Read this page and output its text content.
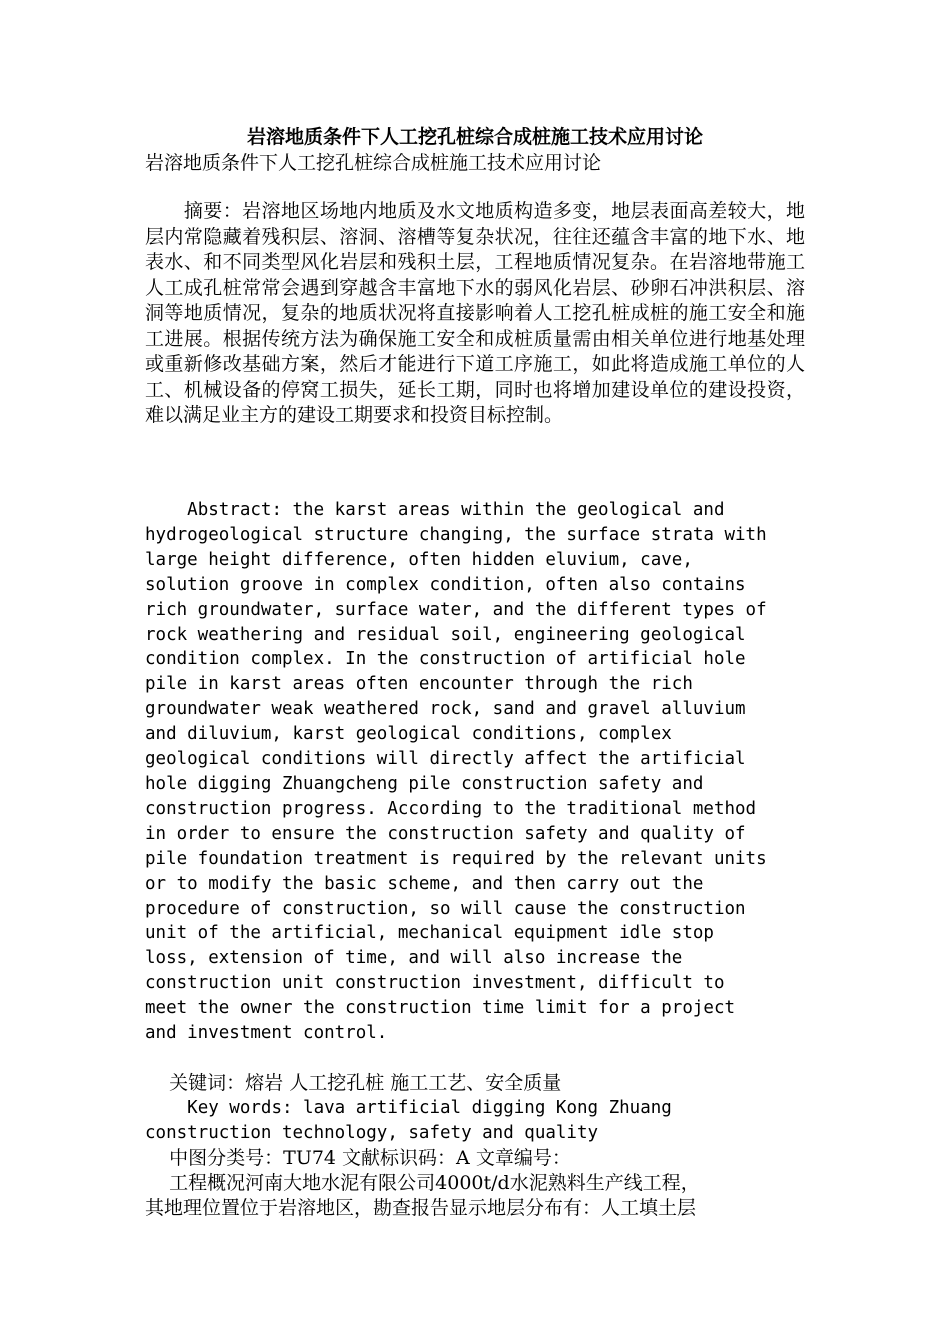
岩溶地质条件下人工挖孔桩综合成桩施工技术应用讨论

岩溶地质条件下人工挖孔桩综合成桩施工技术应用讨论

　　摘要：岩溶地区场地内地质及水文地质构造多变，地层表面高差较大，地层内常隐藏着残积层、溶洞、溶槽等复杂状况，往往还蕴含丰富的地下水、地表水、和不同类型风化岩层和残积土层，工程地质情况复杂。在岩溶地带施工人工成孔桩常常会遇到穿越含丰富地下水的弱风化岩层、砂卵石冲洪积层、溶洞等地质情况，复杂的地质状况将直接影响着人工挖孔桩成桩的施工安全和施工进展。根据传统方法为确保施工安全和成桩质量需由相关单位进行地基处理或重新修改基础方案，然后才能进行下道工序施工，如此将造成施工单位的人工、机械设备的停窝工损失，延长工期，同时也将增加建设单位的建设投资，难以满足业主方的建设工期要求和投资目标控制。

Abstract: the karst areas within the geological and
hydrogeological structure changing, the surface strata with
large height difference, often hidden eluvium, cave,
solution groove in complex condition, often also contains
rich groundwater, surface water, and the different types of
rock weathering and residual soil, engineering geological
condition complex. In the construction of artificial hole
pile in karst areas often encounter through the rich
groundwater weak weathered rock, sand and gravel alluvium
and diluvium, karst geological conditions, complex
geological conditions will directly affect the artificial
hole digging Zhuangcheng pile construction safety and
construction progress. According to the traditional method
in order to ensure the construction safety and quality of
pile foundation treatment is required by the relevant units
or to modify the basic scheme, and then carry out the
procedure of construction, so will cause the construction
unit of the artificial, mechanical equipment idle stop
loss, extension of time, and will also increase the
construction unit construction investment, difficult to
meet the owner the construction time limit for a project
and investment control.

关键词：熔岩 人工挖孔桩 施工工艺、安全质量

Key words: lava artificial digging Kong Zhuang
construction technology, safety and quality

中图分类号：TU74 文献标识码：A 文章编号：

工程概况河南大地水泥有限公司4000t/d水泥熟料生产线工程，

其地理位置位于岩溶地区，勘查报告显示地层分布有：人工填土层
